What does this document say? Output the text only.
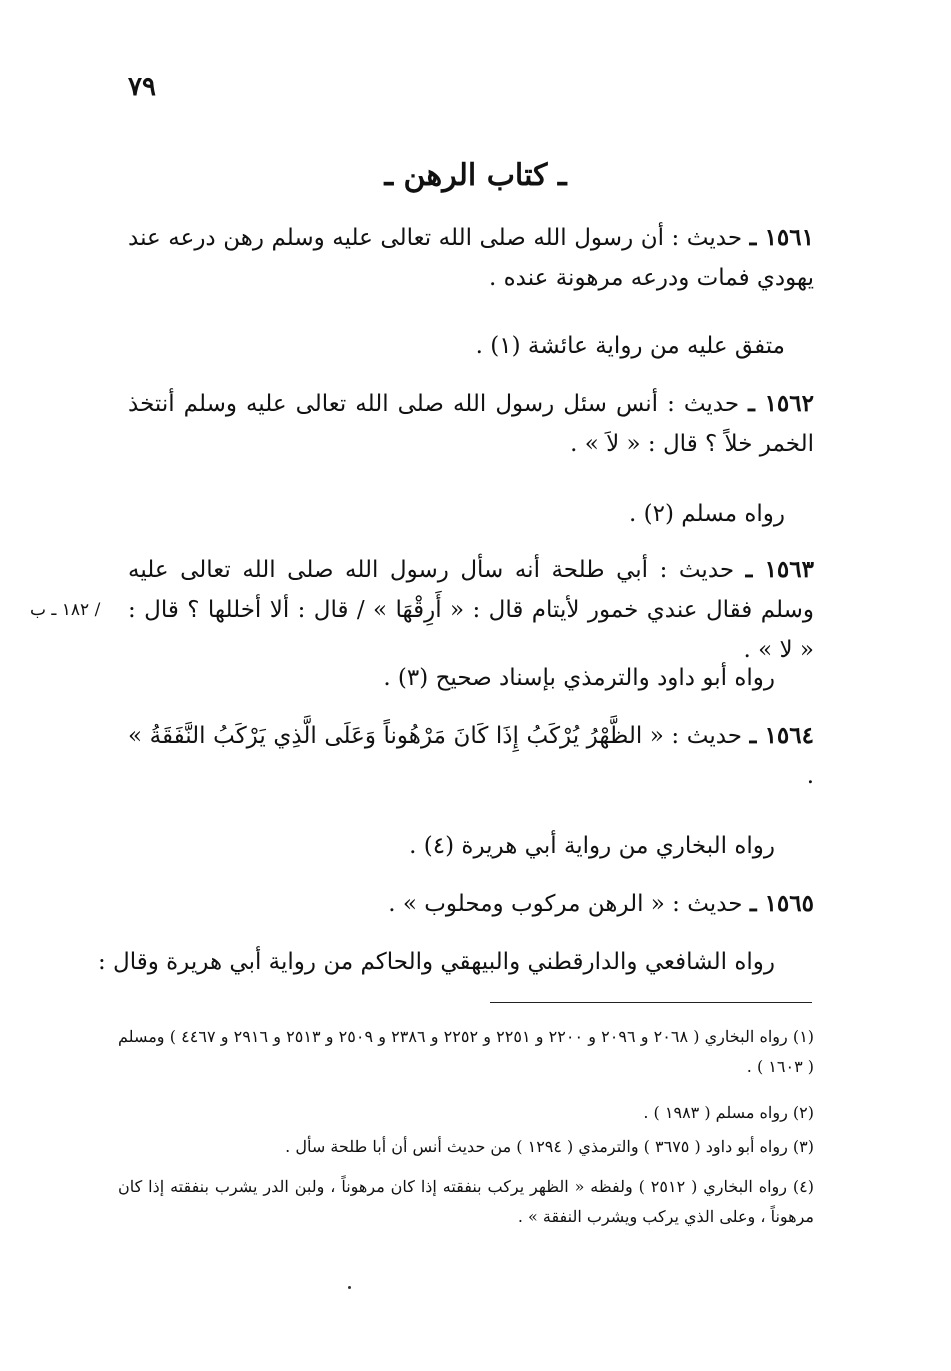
٧٩
ـ كتاب الرهن ـ
١٥٦١ ـ حديث : أن رسول الله صلى الله تعالى عليه وسلم رهن درعه عند يهودي فمات ودرعه مرهونة عنده .
متفق عليه من رواية عائشة (١) .
١٥٦٢ ـ حديث : أنس سئل رسول الله صلى الله تعالى عليه وسلم أنتخذ الخمر خلاً ؟ قال : « لاَ » .
رواه مسلم (٢) .
١٥٦٣ ـ حديث : أبي طلحة أنه سأل رسول الله صلى الله تعالى عليه وسلم فقال عندي خمور لأيتام قال : « أَرِقْهَا » / قال : ألا أخللها ؟ قال : « لا » .
/ ١٨٢ ـ ب
رواه أبو داود والترمذي بإسناد صحيح (٣) .
١٥٦٤ ـ حديث : « الظَّهْرُ يُرْكَبُ إِذَا كَانَ مَرْهُوناً وَعَلَى الَّذِي يَرْكَبُ النَّفَقَةُ » .
رواه البخاري من رواية أبي هريرة (٤) .
١٥٦٥ ـ حديث : « الرهن مركوب ومحلوب » .
رواه الشافعي والدارقطني والبيهقي والحاكم من رواية أبي هريرة وقال :
(١) رواه البخاري ( ٢٠٦٨ و ٢٠٩٦ و ٢٢٠٠ و ٢٢٥١ و ٢٢٥٢ و ٢٣٨٦ و ٢٥٠٩ و ٢٥١٣ و ٢٩١٦ و ٤٤٦٧ ) ومسلم ( ١٦٠٣ ) .
(٢) رواه مسلم ( ١٩٨٣ ) .
(٣) رواه أبو داود ( ٣٦٧٥ ) والترمذي ( ١٢٩٤ ) من حديث أنس أن أبا طلحة سأل .
(٤) رواه البخاري ( ٢٥١٢ ) ولفظه « الظهر يركب بنفقته إذا كان مرهوناً ، ولبن الدر يشرب بنفقته إذا كان مرهوناً ، وعلى الذي يركب ويشرب النفقة » .
